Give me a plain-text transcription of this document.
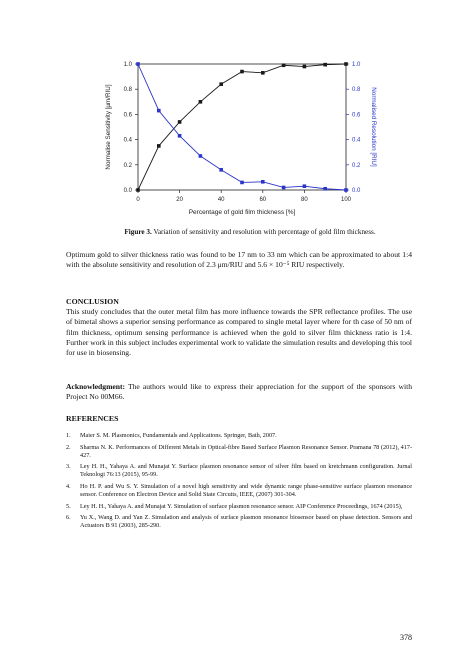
0	20	40	60	80	100
0.0	0.0
0.2	0.2
0.4	0.4
0.6	0.6
0.8	0.8
1.0	1.0
Percentage of gold film thickness [%]
Normalise Sensitivity [µm/RIU]	Normalised Resolution [RIU]
Figure 3. Variation of sensitivity and resolution with percentage of gold film thickness.
Optimum gold to silver thickness ratio was found to be 17 nm to 33 nm which can be approximated to about 1:4 with the absolute sensitivity and resolution of 2.3 μm/RIU and 5.6 × 10⁻⁵ RIU respectively.
CONCLUSION
This study concludes that the outer metal film has more influence towards the SPR reflectance profiles. The use of bimetal shows a superior sensing performance as compared to single metal layer where for th case of 50 nm of film thickness, optimum sensing performance is achieved when the gold to silver film thickness ratio is 1:4. Further work in this subject includes experimental work to validate the simulation results and developing this tool for use in biosensing.
Acknowledgment: The authors would like to express their appreciation for the support of the sponsors with Project No 00M66.
REFERENCES
1. Maier S. M. Plasmonics, Fundamentals and Applications. Springer, Bath, 2007.
2. Sharma N. K. Performances of Different Metals in Optical-fibre Based Surface Plasmon Resonance Sensor. Pramana 78 (2012), 417-427.
3. Ley H. H., Yahaya A. and Munajat Y. Surface plasmon resonance sensor of silver film based on kretchmann configuration. Jurnal Teknologi 76:13 (2015), 95-99.
4. Ho H. P. and Wu S. Y. Simulation of a novel high sensitivity and wide dynamic range phase-sensitive surface plasmon resonance sensor. Conference on Electron Device and Solid State Circuits, IEEE, (2007) 301-304.
5. Ley H. H., Yahaya A. and Munajat Y. Simulation of surface plasmon resonance sensor. AIP Conference Proceedings, 1674 (2015),
6. Yu X., Wang D. and Yan Z. Simulation and analysis of surface plasmon resonance biosensor based on phase detection. Sensors and Actuators B 91 (2003), 285-290.
378
